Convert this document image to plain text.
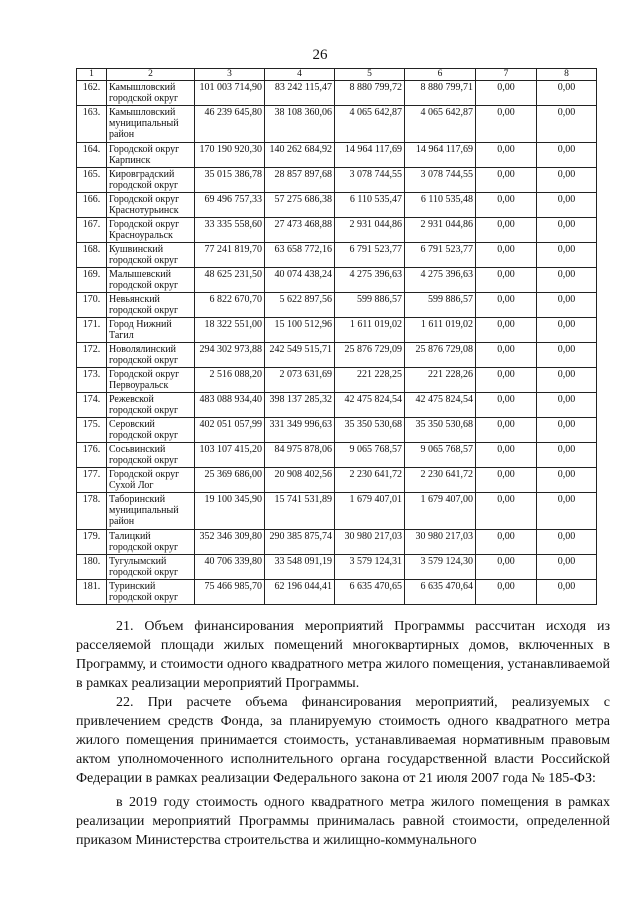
26
1	2	3	4	5	6	7	8
162.	Камышловский городской округ	101 003 714,90	83 242 115,47	8 880 799,72	8 880 799,71	0,00	0,00
163.	Камышловский муниципальный район	46 239 645,80	38 108 360,06	4 065 642,87	4 065 642,87	0,00	0,00
164.	Городской округ Карпинск	170 190 920,30	140 262 684,92	14 964 117,69	14 964 117,69	0,00	0,00
165.	Кировградский городской округ	35 015 386,78	28 857 897,68	3 078 744,55	3 078 744,55	0,00	0,00
166.	Городской округ Краснотурьинск	69 496 757,33	57 275 686,38	6 110 535,47	6 110 535,48	0,00	0,00
167.	Городской округ Красноуральск	33 335 558,60	27 473 468,88	2 931 044,86	2 931 044,86	0,00	0,00
168.	Кушвинский городской округ	77 241 819,70	63 658 772,16	6 791 523,77	6 791 523,77	0,00	0,00
169.	Малышевский городской округ	48 625 231,50	40 074 438,24	4 275 396,63	4 275 396,63	0,00	0,00
170.	Невьянский городской округ	6 822 670,70	5 622 897,56	599 886,57	599 886,57	0,00	0,00
171.	Город Нижний Тагил	18 322 551,00	15 100 512,96	1 611 019,02	1 611 019,02	0,00	0,00
172.	Новолялинский городской округ	294 302 973,88	242 549 515,71	25 876 729,09	25 876 729,08	0,00	0,00
173.	Городской округ Первоуральск	2 516 088,20	2 073 631,69	221 228,25	221 228,26	0,00	0,00
174.	Режевской городской округ	483 088 934,40	398 137 285,32	42 475 824,54	42 475 824,54	0,00	0,00
175.	Серовский городской округ	402 051 057,99	331 349 996,63	35 350 530,68	35 350 530,68	0,00	0,00
176.	Сосьвинский городской округ	103 107 415,20	84 975 878,06	9 065 768,57	9 065 768,57	0,00	0,00
177.	Городской округ Сухой Лог	25 369 686,00	20 908 402,56	2 230 641,72	2 230 641,72	0,00	0,00
178.	Таборинский муниципальный район	19 100 345,90	15 741 531,89	1 679 407,01	1 679 407,00	0,00	0,00
179.	Талицкий городской округ	352 346 309,80	290 385 875,74	30 980 217,03	30 980 217,03	0,00	0,00
180.	Тугулымский городской округ	40 706 339,80	33 548 091,19	3 579 124,31	3 579 124,30	0,00	0,00
181.	Туринский городской округ	75 466 985,70	62 196 044,41	6 635 470,65	6 635 470,64	0,00	0,00
21. Объем финансирования мероприятий Программы рассчитан исходя из расселяемой площади жилых помещений многоквартирных домов, включенных в Программу, и стоимости одного квадратного метра жилого помещения, устанавливаемой в рамках реализации мероприятий Программы.
22. При расчете объема финансирования мероприятий, реализуемых с привлечением средств Фонда, за планируемую стоимость одного квадратного метра жилого помещения принимается стоимость, устанавливаемая нормативным правовым актом уполномоченного исполнительного органа государственной власти Российской Федерации в рамках реализации Федерального закона от 21 июля 2007 года № 185-ФЗ:
в 2019 году стоимость одного квадратного метра жилого помещения в рамках реализации мероприятий Программы принималась равной стоимости, определенной приказом Министерства строительства и жилищно-коммунального
